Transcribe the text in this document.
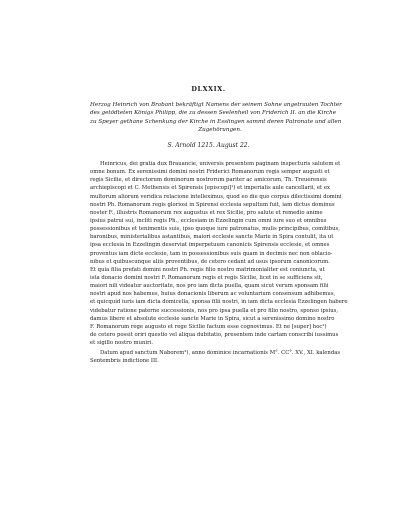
DLXXIX.
Herzog Heinrich von Brabant bekräftigt Namens der seinem Sohne angetrauten Tochter
des getödteten Königs Philipp, die zu dessen Seelenheil von Friderich II. an die Kirche
zu Speyer gethane Schenkung der Kirche in Esslingen sammt deren Patronate und allen
Zugehörungen.
S. Arnold 1215. August 22.
Heinricus, dei gratia dux Brauancie, universis presentem paginam inspecturis salutem et
omne bonum. Ex serenissimi domini nostri Friderici Romanorum regis semper augusti et
regis Sicilie, et directorum dominorum nostrorum pariter ac amicorum, Th. Treuerensis
archiepiscopi et C. Methensis et Spirensis [episcopi]¹) et imperialis aule cancellarii, et ex
multorum aliorum veridica relacione intelleximus, quod eo die quo corpus dilectissimi domini
nostri Ph. Romanorum regis gloriosi in Spirensi ecclesia sepultum fuit, iam dictus dominus
noster F., illustris Romanorum rex augustus et rex Sicilie, pro salute et remedio anime
ipsius patrui sui, incliti regis Ph., ecclesiam in Ezzelingin cum omni iure suo et omnibus
possessionibus et tenimentis suis, ipso quoque iure patronatus, mulis principibus, comitibus,
baronibus, ministerialibus astantibus, maiori ecclesie sancte Marie in Spira contulit, ita ut
ipsa ecclesia in Ezzelingin deserviat imperpetuum canonicis Spirensis ecclesie, et omnes
proventus iam dicte ecclesie, tam in possessionibus suis quam in decimis nec non oblacio-
nibus et quibuscunque aliis proventibus, de cetero cedant ad usus ipsorum canonicorum.
Et quia filia prefati domini nostri Ph. regis filio nostro matrimonialiter est coniuncta, ut
ista donacio domini nostri F. Romanorum regis et regis Sicilie, licet in se sufficiens sit,
maiori nili videatur auctoritate, nos pro iam dicta puella, quam sicut verum sponsam filii
nostri apud nos habemus, huius donacionis liberum ac voluntarium consensum adhibemus,
et quicquid iuris iam dicta domicella, sponsa filii nostri, in iam dicta ecclesia Ezzelingen habere
videbatur ratione paterne successionis, nos pro ipsa puella et pro filio nostro, sponso ipsius,
damus libere et absolute ecclesie sancte Marie in Spira, sicut a serenissimo domino nostro
F. Romanorum rege augusto et rege Sicilie factum esse cognovimus. Et ne [super] hoc²)
de cetero possit oriri questio vel aliqua dubitatio, presentem inde cartam conscribi iussimus
et sigillo nostro muniri.
Datum apud sanctum Naborem³), anno dominice incarnationis M°. CC°. XV., XI. kalendas
Septembris indictione III.
